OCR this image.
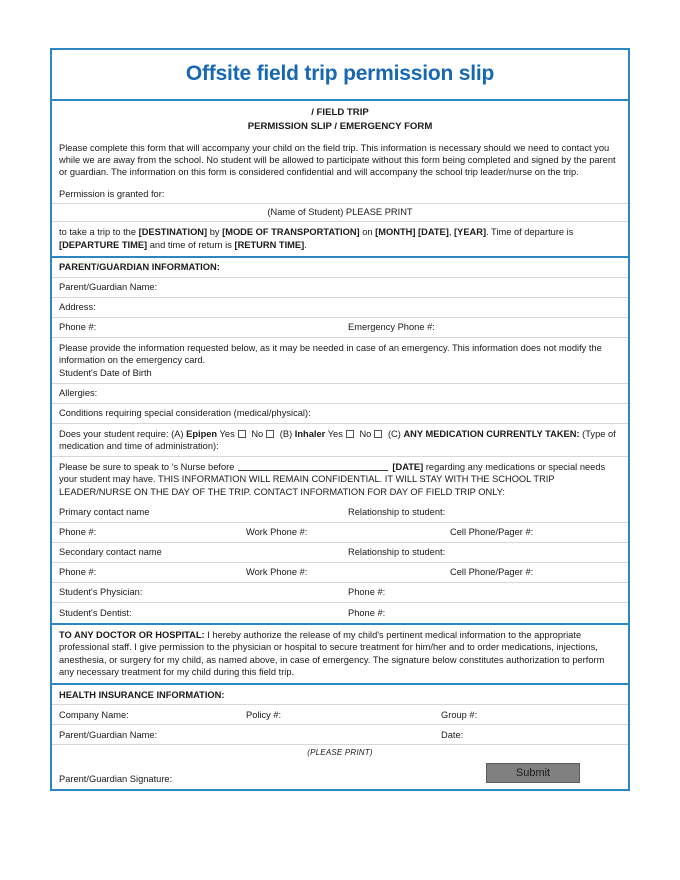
Offsite field trip permission slip
/ FIELD TRIP
PERMISSION SLIP / EMERGENCY FORM
Please complete this form that will accompany your child on the field trip. This information is necessary should we need to contact you while we are away from the school. No student will be allowed to participate without this form being completed and signed by the parent or guardian. The information on this form is considered confidential and will accompany the school trip leader/nurse on the trip.
Permission is granted for:
(Name of Student) PLEASE PRINT

to take a trip to the [DESTINATION] by [MODE OF TRANSPORTATION] on [MONTH] [DATE], [YEAR]. Time of departure is [DEPARTURE TIME] and time of return is [RETURN TIME].

PARENT/GUARDIAN INFORMATION:
Parent/Guardian Name:
Address:
Phone #:	Emergency Phone #:
Please provide the information requested below, as it may be needed in case of an emergency. This information does not modify the information on the emergency card.
Student's Date of Birth
Allergies:
Conditions requiring special consideration (medical/physical):
Does your student require: (A) Epipen Yes No (B) Inhaler Yes No (C) ANY MEDICATION CURRENTLY TAKEN: (Type of medication and time of administration):

Please be sure to speak to 's Nurse before	[DATE] regarding any medications or special needs your student may have. THIS INFORMATION WILL REMAIN CONFIDENTIAL. IT WILL STAY WITH THE SCHOOL TRIP LEADER/NURSE ON THE DAY OF THE TRIP. CONTACT INFORMATION FOR DAY OF FIELD TRIP ONLY:

Primary contact name	Relationship to student:
Phone #:	Work Phone #:	Cell Phone/Pager #:
Secondary contact name	Relationship to student:
Phone #:	Work Phone #:	Cell Phone/Pager #:
Student's Physician:	Phone #:
Student's Dentist:	Phone #:

TO ANY DOCTOR OR HOSPITAL: I hereby authorize the release of my child's pertinent medical information to the appropriate professional staff. I give permission to the physician or hospital to secure treatment for him/her and to order medications, injections, anesthesia, or surgery for my child, as named above, in case of emergency. The signature below constitutes authorization to perform any necessary treatment for my child during this field trip.

HEALTH INSURANCE INFORMATION:
Company Name:	Policy #:	Group #:
Parent/Guardian Name:	Date:
(PLEASE PRINT)
Parent/Guardian Signature:	Submit
